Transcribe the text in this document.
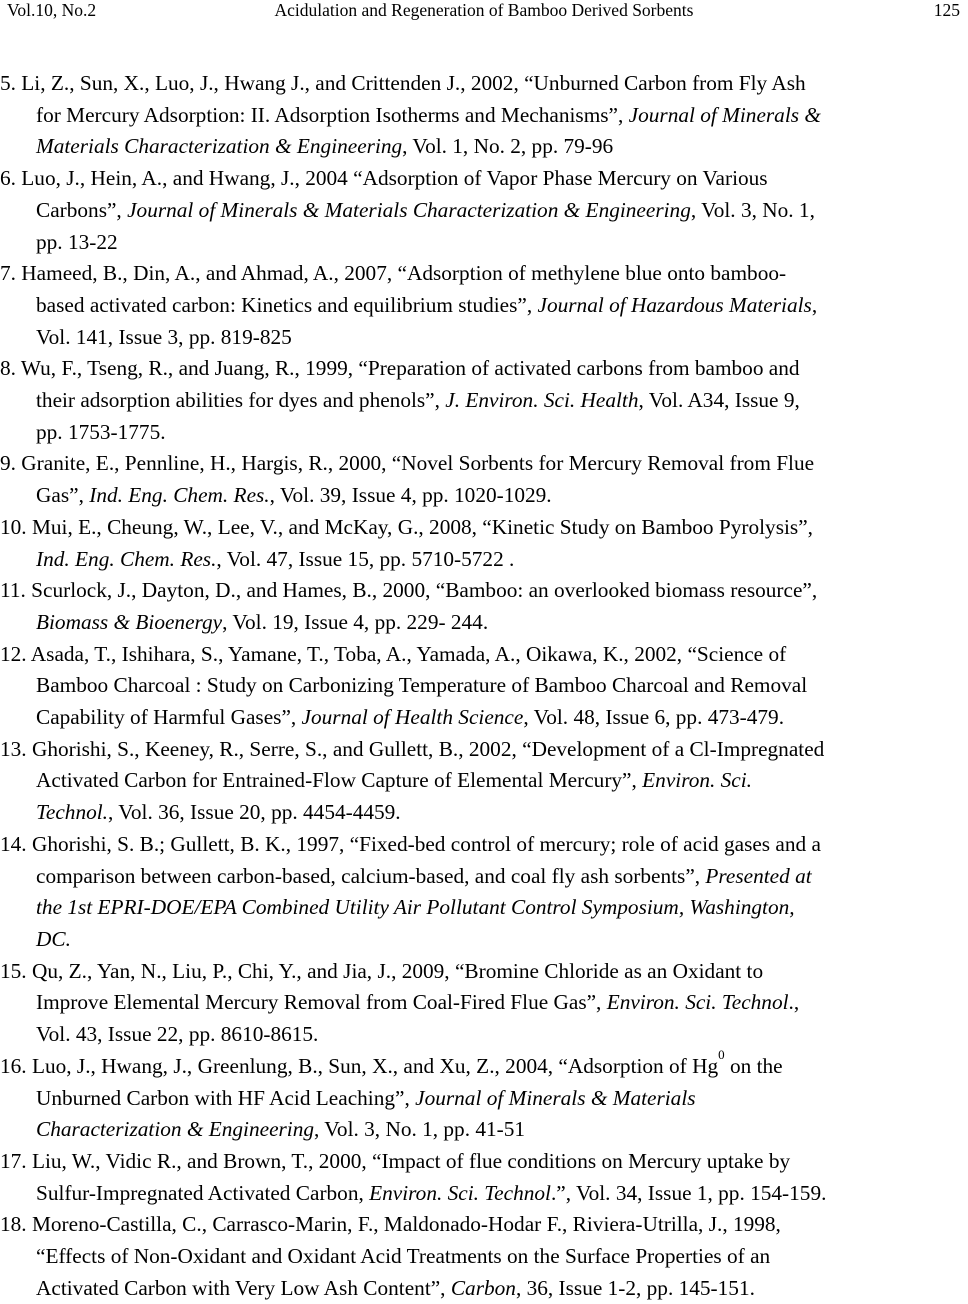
Vol.10, No.2	Acidulation and Regeneration of Bamboo Derived Sorbents	125
5. Li, Z., Sun, X., Luo, J., Hwang J., and Crittenden J., 2002, “Unburned Carbon from Fly Ash
for Mercury Adsorption: II. Adsorption Isotherms and Mechanisms”, Journal of Minerals &
Materials Characterization & Engineering, Vol. 1, No. 2, pp. 79-96
6. Luo, J., Hein, A., and Hwang, J., 2004 “Adsorption of Vapor Phase Mercury on Various
Carbons”, Journal of Minerals & Materials Characterization & Engineering, Vol. 3, No. 1,
pp. 13-22
7. Hameed, B., Din, A., and Ahmad, A., 2007, “Adsorption of methylene blue onto bamboo-
based activated carbon: Kinetics and equilibrium studies”, Journal of Hazardous Materials,
Vol. 141, Issue 3, pp. 819-825
8. Wu, F., Tseng, R., and Juang, R., 1999, “Preparation of activated carbons from bamboo and
their adsorption abilities for dyes and phenols”, J. Environ. Sci. Health, Vol. A34, Issue 9,
pp. 1753-1775.
9. Granite, E., Pennline, H., Hargis, R., 2000, “Novel Sorbents for Mercury Removal from Flue
Gas”, Ind. Eng. Chem. Res., Vol. 39, Issue 4, pp. 1020-1029.
10. Mui, E., Cheung, W., Lee, V., and McKay, G., 2008, “Kinetic Study on Bamboo Pyrolysis”,
Ind. Eng. Chem. Res., Vol. 47, Issue 15, pp. 5710-5722 .
11. Scurlock, J., Dayton, D., and Hames, B., 2000, “Bamboo: an overlooked biomass resource”,
Biomass & Bioenergy, Vol. 19, Issue 4, pp. 229- 244.
12. Asada, T., Ishihara, S., Yamane, T., Toba, A., Yamada, A., Oikawa, K., 2002, “Science of
Bamboo Charcoal : Study on Carbonizing Temperature of Bamboo Charcoal and Removal
Capability of Harmful Gases”, Journal of Health Science, Vol. 48, Issue 6, pp. 473-479.
13. Ghorishi, S., Keeney, R., Serre, S., and Gullett, B., 2002, “Development of a Cl-Impregnated
Activated Carbon for Entrained-Flow Capture of Elemental Mercury”, Environ. Sci.
Technol., Vol. 36, Issue 20, pp. 4454-4459.
14. Ghorishi, S. B.; Gullett, B. K., 1997, “Fixed-bed control of mercury; role of acid gases and a
comparison between carbon-based, calcium-based, and coal fly ash sorbents”, Presented at
the 1st EPRI-DOE/EPA Combined Utility Air Pollutant Control Symposium, Washington,
DC.
15. Qu, Z., Yan, N., Liu, P., Chi, Y., and Jia, J., 2009, “Bromine Chloride as an Oxidant to
Improve Elemental Mercury Removal from Coal-Fired Flue Gas”, Environ. Sci. Technol.,
Vol. 43, Issue 22, pp. 8610-8615.
16. Luo, J., Hwang, J., Greenlung, B., Sun, X., and Xu, Z., 2004, “Adsorption of Hg$^0$ on the
Unburned Carbon with HF Acid Leaching”, Journal of Minerals & Materials
Characterization & Engineering, Vol. 3, No. 1, pp. 41-51
17. Liu, W., Vidic R., and Brown, T., 2000, “Impact of flue conditions on Mercury uptake by
Sulfur-Impregnated Activated Carbon, Environ. Sci. Technol.”, Vol. 34, Issue 1, pp. 154-159.
18. Moreno-Castilla, C., Carrasco-Marin, F., Maldonado-Hodar F., Riviera-Utrilla, J., 1998,
“Effects of Non-Oxidant and Oxidant Acid Treatments on the Surface Properties of an
Activated Carbon with Very Low Ash Content”, Carbon, 36, Issue 1-2, pp. 145-151.
